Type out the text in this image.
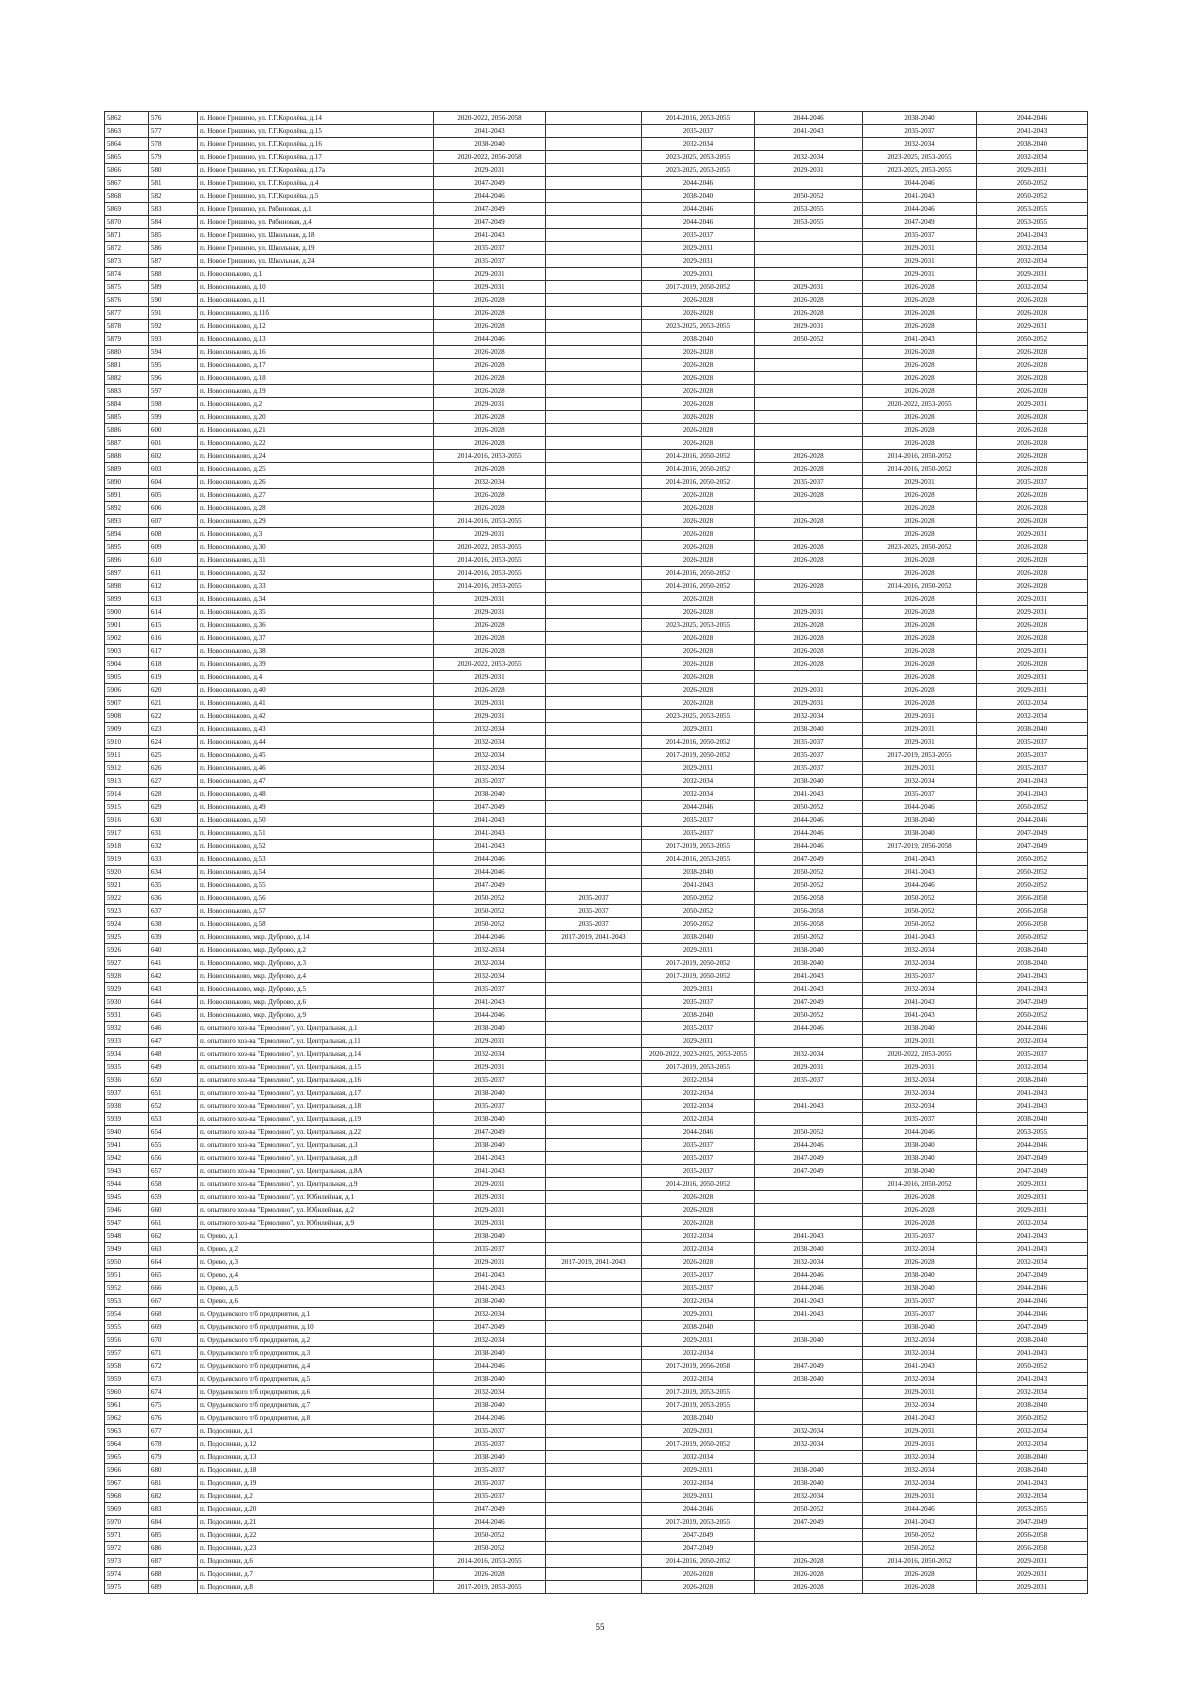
5862	576	п. Новое Гришино, ул. Г.Г.Королёва, д.14	2020-2022, 2056-2058		2014-2016, 2053-2055	2044-2046	2038-2040	2044-2046
5863	577	п. Новое Гришино, ул. Г.Г.Королёва, д.15	2041-2043		2035-2037	2041-2043	2035-2037	2041-2043
5864	578	п. Новое Гришино, ул. Г.Г.Королёва, д.16	2038-2040		2032-2034		2032-2034	2038-2040
5865	579	п. Новое Гришино, ул. Г.Г.Королёва, д.17	2020-2022, 2056-2058		2023-2025, 2053-2055	2032-2034	2023-2025, 2053-2055	2032-2034
5866	580	п. Новое Гришино, ул. Г.Г.Королёва, д.17а	2029-2031		2023-2025, 2053-2055	2029-2031	2023-2025, 2053-2055	2029-2031
5867	581	п. Новое Гришино, ул. Г.Г.Королёва, д.4	2047-2049		2044-2046		2044-2046	2050-2052
5868	582	п. Новое Гришино, ул. Г.Г.Королёва, д.5	2044-2046		2038-2040	2050-2052	2041-2043	2050-2052
5869	583	п. Новое Гришино, ул. Рябиновая, д.1	2047-2049		2044-2046	2053-2055	2044-2046	2053-2055
5870	584	п. Новое Гришино, ул. Рябиновая, д.4	2047-2049		2044-2046	2053-2055	2047-2049	2053-2055
5871	585	п. Новое Гришино, ул. Школьная, д.18	2041-2043		2035-2037		2035-2037	2041-2043
5872	586	п. Новое Гришино, ул. Школьная, д.19	2035-2037		2029-2031		2029-2031	2032-2034
5873	587	п. Новое Гришино, ул. Школьная, д.24	2035-2037		2029-2031		2029-2031	2032-2034
5874	588	п. Новосиньково, д.1	2029-2031		2029-2031		2029-2031	2029-2031
5875	589	п. Новосиньково, д.10	2029-2031		2017-2019, 2050-2052	2029-2031	2026-2028	2032-2034
5876	590	п. Новосиньково, д.11	2026-2028		2026-2028	2026-2028	2026-2028	2026-2028
5877	591	п. Новосиньково, д.11б	2026-2028		2026-2028	2026-2028	2026-2028	2026-2028
5878	592	п. Новосиньково, д.12	2026-2028		2023-2025, 2053-2055	2029-2031	2026-2028	2029-2031
5879	593	п. Новосиньково, д.13	2044-2046		2038-2040	2050-2052	2041-2043	2050-2052
5880	594	п. Новосиньково, д.16	2026-2028		2026-2028		2026-2028	2026-2028
5881	595	п. Новосиньково, д.17	2026-2028		2026-2028		2026-2028	2026-2028
5882	596	п. Новосиньково, д.18	2026-2028		2026-2028		2026-2028	2026-2028
5883	597	п. Новосиньково, д.19	2026-2028		2026-2028		2026-2028	2026-2028
5884	598	п. Новосиньково, д.2	2029-2031		2026-2028		2020-2022, 2053-2055	2029-2031
5885	599	п. Новосиньково, д.20	2026-2028		2026-2028		2026-2028	2026-2028
5886	600	п. Новосиньково, д.21	2026-2028		2026-2028		2026-2028	2026-2028
5887	601	п. Новосиньково, д.22	2026-2028		2026-2028		2026-2028	2026-2028
5888	602	п. Новосиньково, д.24	2014-2016, 2053-2055		2014-2016, 2050-2052	2026-2028	2014-2016, 2050-2052	2026-2028
5889	603	п. Новосиньково, д.25	2026-2028		2014-2016, 2050-2052	2026-2028	2014-2016, 2050-2052	2026-2028
5890	604	п. Новосиньково, д.26	2032-2034		2014-2016, 2050-2052	2035-2037	2029-2031	2035-2037
5891	605	п. Новосиньково, д.27	2026-2028		2026-2028	2026-2028	2026-2028	2026-2028
5892	606	п. Новосиньково, д.28	2026-2028		2026-2028		2026-2028	2026-2028
5893	607	п. Новосиньково, д.29	2014-2016, 2053-2055		2026-2028	2026-2028	2026-2028	2026-2028
5894	608	п. Новосиньково, д.3	2029-2031		2026-2028		2026-2028	2029-2031
5895	609	п. Новосиньково, д.30	2020-2022, 2053-2055		2026-2028	2026-2028	2023-2025, 2050-2052	2026-2028
5896	610	п. Новосиньково, д.31	2014-2016, 2053-2055		2026-2028	2026-2028	2026-2028	2026-2028
5897	611	п. Новосиньково, д.32	2014-2016, 2053-2055		2014-2016, 2050-2052		2026-2028	2026-2028
5898	612	п. Новосиньково, д.33	2014-2016, 2053-2055		2014-2016, 2050-2052	2026-2028	2014-2016, 2050-2052	2026-2028
5899	613	п. Новосиньково, д.34	2029-2031		2026-2028		2026-2028	2029-2031
5900	614	п. Новосиньково, д.35	2029-2031		2026-2028	2029-2031	2026-2028	2029-2031
5901	615	п. Новосиньково, д.36	2026-2028		2023-2025, 2053-2055	2026-2028	2026-2028	2026-2028
5902	616	п. Новосиньково, д.37	2026-2028		2026-2028	2026-2028	2026-2028	2026-2028
5903	617	п. Новосиньково, д.38	2026-2028		2026-2028	2026-2028	2026-2028	2029-2031
5904	618	п. Новосиньково, д.39	2020-2022, 2053-2055		2026-2028	2026-2028	2026-2028	2026-2028
5905	619	п. Новосиньково, д.4	2029-2031		2026-2028		2026-2028	2029-2031
5906	620	п. Новосиньково, д.40	2026-2028		2026-2028	2029-2031	2026-2028	2029-2031
5907	621	п. Новосиньково, д.41	2029-2031		2026-2028	2029-2031	2026-2028	2032-2034
5908	622	п. Новосиньково, д.42	2029-2031		2023-2025, 2053-2055	2032-2034	2029-2031	2032-2034
5909	623	п. Новосиньково, д.43	2032-2034		2029-2031	2038-2040	2029-2031	2038-2040
5910	624	п. Новосиньково, д.44	2032-2034		2014-2016, 2050-2052	2035-2037	2029-2031	2035-2037
5911	625	п. Новосиньково, д.45	2032-2034		2017-2019, 2050-2052	2035-2037	2017-2019, 2053-2055	2035-2037
5912	626	п. Новосиньково, д.46	2032-2034		2029-2031	2035-2037	2029-2031	2035-2037
5913	627	п. Новосиньково, д.47	2035-2037		2032-2034	2038-2040	2032-2034	2041-2043
5914	628	п. Новосиньково, д.48	2038-2040		2032-2034	2041-2043	2035-2037	2041-2043
5915	629	п. Новосиньково, д.49	2047-2049		2044-2046	2050-2052	2044-2046	2050-2052
5916	630	п. Новосиньково, д.50	2041-2043		2035-2037	2044-2046	2038-2040	2044-2046
5917	631	п. Новосиньково, д.51	2041-2043		2035-2037	2044-2046	2038-2040	2047-2049
5918	632	п. Новосиньково, д.52	2041-2043		2017-2019, 2053-2055	2044-2046	2017-2019, 2056-2058	2047-2049
5919	633	п. Новосиньково, д.53	2044-2046		2014-2016, 2053-2055	2047-2049	2041-2043	2050-2052
5920	634	п. Новосиньково, д.54	2044-2046		2038-2040	2050-2052	2041-2043	2050-2052
5921	635	п. Новосиньково, д.55	2047-2049		2041-2043	2050-2052	2044-2046	2050-2052
5922	636	п. Новосиньково, д.56	2050-2052	2035-2037	2050-2052	2056-2058	2050-2052	2056-2058
5923	637	п. Новосиньково, д.57	2050-2052	2035-2037	2050-2052	2056-2058	2050-2052	2056-2058
5924	638	п. Новосиньково, д.58	2050-2052	2035-2037	2050-2052	2056-2058	2050-2052	2056-2058
5925	639	п. Новосиньково, мкр. Дуброво, д.14	2044-2046	2017-2019, 2041-2043	2038-2040	2050-2052	2041-2043	2050-2052
5926	640	п. Новосиньково, мкр. Дуброво, д.2	2032-2034		2029-2031	2038-2040	2032-2034	2038-2040
5927	641	п. Новосиньково, мкр. Дуброво, д.3	2032-2034		2017-2019, 2050-2052	2038-2040	2032-2034	2038-2040
5928	642	п. Новосиньково, мкр. Дуброво, д.4	2032-2034		2017-2019, 2050-2052	2041-2043	2035-2037	2041-2043
5929	643	п. Новосиньково, мкр. Дуброво, д.5	2035-2037		2029-2031	2041-2043	2032-2034	2041-2043
5930	644	п. Новосиньково, мкр. Дуброво, д.6	2041-2043		2035-2037	2047-2049	2041-2043	2047-2049
5931	645	п. Новосиньково, мкр. Дуброво, д.9	2044-2046		2038-2040	2050-2052	2041-2043	2050-2052
5932	646	п. опытного хоз-ва "Ермолино", ул. Центральная, д.1	2038-2040		2035-2037	2044-2046	2038-2040	2044-2046
5933	647	п. опытного хоз-ва "Ермолино", ул. Центральная, д.11	2029-2031		2029-2031		2029-2031	2032-2034
5934	648	п. опытного хоз-ва "Ермолино", ул. Центральная, д.14	2032-2034		2020-2022, 2023-2025, 2053-2055	2032-2034	2020-2022, 2053-2055	2035-2037
5935	649	п. опытного хоз-ва "Ермолино", ул. Центральная, д.15	2029-2031		2017-2019, 2053-2055	2029-2031	2029-2031	2032-2034
5936	650	п. опытного хоз-ва "Ермолино", ул. Центральная, д.16	2035-2037		2032-2034	2035-2037	2032-2034	2038-2040
5937	651	п. опытного хоз-ва "Ермолино", ул. Центральная, д.17	2038-2040		2032-2034		2032-2034	2041-2043
5938	652	п. опытного хоз-ва "Ермолино", ул. Центральная, д.18	2035-2037		2032-2034	2041-2043	2032-2034	2041-2043
5939	653	п. опытного хоз-ва "Ермолино", ул. Центральная, д.19	2038-2040		2032-2034		2035-2037	2038-2040
5940	654	п. опытного хоз-ва "Ермолино", ул. Центральная, д.22	2047-2049		2044-2046	2050-2052	2044-2046	2053-2055
5941	655	п. опытного хоз-ва "Ермолино", ул. Центральная, д.3	2038-2040		2035-2037	2044-2046	2038-2040	2044-2046
5942	656	п. опытного хоз-ва "Ермолино", ул. Центральная, д.8	2041-2043		2035-2037	2047-2049	2038-2040	2047-2049
5943	657	п. опытного хоз-ва "Ермолино", ул. Центральная, д.8А	2041-2043		2035-2037	2047-2049	2038-2040	2047-2049
5944	658	п. опытного хоз-ва "Ермолино", ул. Центральная, д.9	2029-2031		2014-2016, 2050-2052		2014-2016, 2050-2052	2029-2031
5945	659	п. опытного хоз-ва "Ермолино", ул. Юбилейная, д.1	2029-2031		2026-2028		2026-2028	2029-2031
5946	660	п. опытного хоз-ва "Ермолино", ул. Юбилейная, д.2	2029-2031		2026-2028		2026-2028	2029-2031
5947	661	п. опытного хоз-ва "Ермолино", ул. Юбилейная, д.9	2029-2031		2026-2028		2026-2028	2032-2034
5948	662	п. Орево, д.1	2038-2040		2032-2034	2041-2043	2035-2037	2041-2043
5949	663	п. Орево, д.2	2035-2037		2032-2034	2038-2040	2032-2034	2041-2043
5950	664	п. Орево, д.3	2029-2031	2017-2019, 2041-2043	2026-2028	2032-2034	2026-2028	2032-2034
5951	665	п. Орево, д.4	2041-2043		2035-2037	2044-2046	2038-2040	2047-2049
5952	666	п. Орево, д.5	2041-2043		2035-2037	2044-2046	2038-2040	2044-2046
5953	667	п. Орево, д.6	2038-2040		2032-2034	2041-2043	2035-2037	2044-2046
5954	668	п. Орудьевского т/б предприятия, д.1	2032-2034		2029-2031	2041-2043	2035-2037	2044-2046
5955	669	п. Орудьевского т/б предприятия, д.10	2047-2049		2038-2040		2038-2040	2047-2049
5956	670	п. Орудьевского т/б предприятия, д.2	2032-2034		2029-2031	2038-2040	2032-2034	2038-2040
5957	671	п. Орудьевского т/б предприятия, д.3	2038-2040		2032-2034		2032-2034	2041-2043
5958	672	п. Орудьевского т/б предприятия, д.4	2044-2046		2017-2019, 2056-2058	2047-2049	2041-2043	2050-2052
5959	673	п. Орудьевского т/б предприятия, д.5	2038-2040		2032-2034	2038-2040	2032-2034	2041-2043
5960	674	п. Орудьевского т/б предприятия, д.6	2032-2034		2017-2019, 2053-2055		2029-2031	2032-2034
5961	675	п. Орудьевского т/б предприятия, д.7	2038-2040		2017-2019, 2053-2055		2032-2034	2038-2040
5962	676	п. Орудьевского т/б предприятия, д.8	2044-2046		2038-2040		2041-2043	2050-2052
5963	677	п. Подосинки, д.1	2035-2037		2029-2031	2032-2034	2029-2031	2032-2034
5964	678	п. Подосинки, д.12	2035-2037		2017-2019, 2050-2052	2032-2034	2029-2031	2032-2034
5965	679	п. Подосинки, д.13	2038-2040		2032-2034		2032-2034	2038-2040
5966	680	п. Подосинки, д.18	2035-2037		2029-2031	2038-2040	2032-2034	2038-2040
5967	681	п. Подосинки, д.19	2035-2037		2032-2034	2038-2040	2032-2034	2041-2043
5968	682	п. Подосинки, д.2	2035-2037		2029-2031	2032-2034	2029-2031	2032-2034
5969	683	п. Подосинки, д.20	2047-2049		2044-2046	2050-2052	2044-2046	2053-2055
5970	684	п. Подосинки, д.21	2044-2046		2017-2019, 2053-2055	2047-2049	2041-2043	2047-2049
5971	685	п. Подосинки, д.22	2050-2052		2047-2049		2050-2052	2056-2058
5972	686	п. Подосинки, д.23	2050-2052		2047-2049		2050-2052	2056-2058
5973	687	п. Подосинки, д.6	2014-2016, 2053-2055		2014-2016, 2050-2052	2026-2028	2014-2016, 2050-2052	2029-2031
5974	688	п. Подосинки, д.7	2026-2028		2026-2028	2026-2028	2026-2028	2029-2031
5975	689	п. Подосинки, д.8	2017-2019, 2053-2055		2026-2028	2026-2028	2026-2028	2029-2031
55
